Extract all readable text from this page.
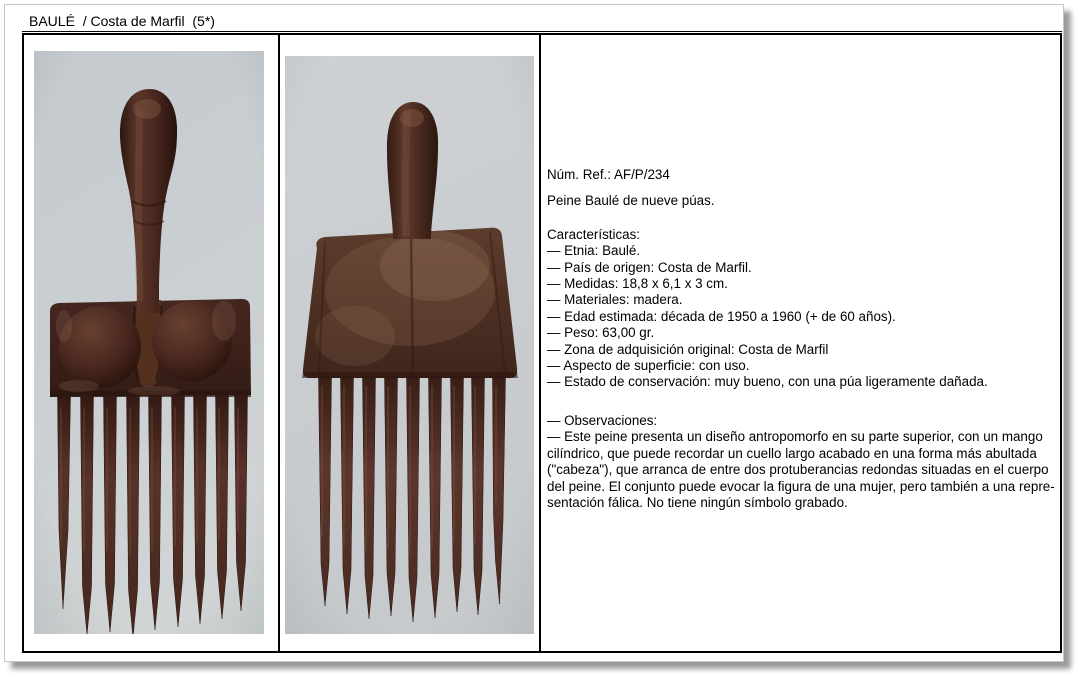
BAULÉ  / Costa de Marfil  (5*)
Núm. Ref.: AF/P/234
Peine Baulé de nueve púas.
Características:
— Etnia: Baulé.
— País de origen: Costa de Marfil.
— Medidas: 18,8 x 6,1 x 3 cm.
— Materiales: madera.
— Edad estimada: década de 1950 a 1960 (+ de 60 años).
— Peso: 63,00 gr.
— Zona de adquisición original: Costa de Marfil
— Aspecto de superficie: con uso.
— Estado de conservación: muy bueno, con una púa ligeramente dañada.
— Observaciones:
— Este peine presenta un diseño antropomorfo en su parte superior, con un mango
cilíndrico, que puede recordar un cuello largo acabado en una forma más abultada
("cabeza"), que arranca de entre dos protuberancias redondas situadas en el cuerpo
del peine. El conjunto puede evocar la figura de una mujer, pero también a una repre-
sentación fálica. No tiene ningún símbolo grabado.
